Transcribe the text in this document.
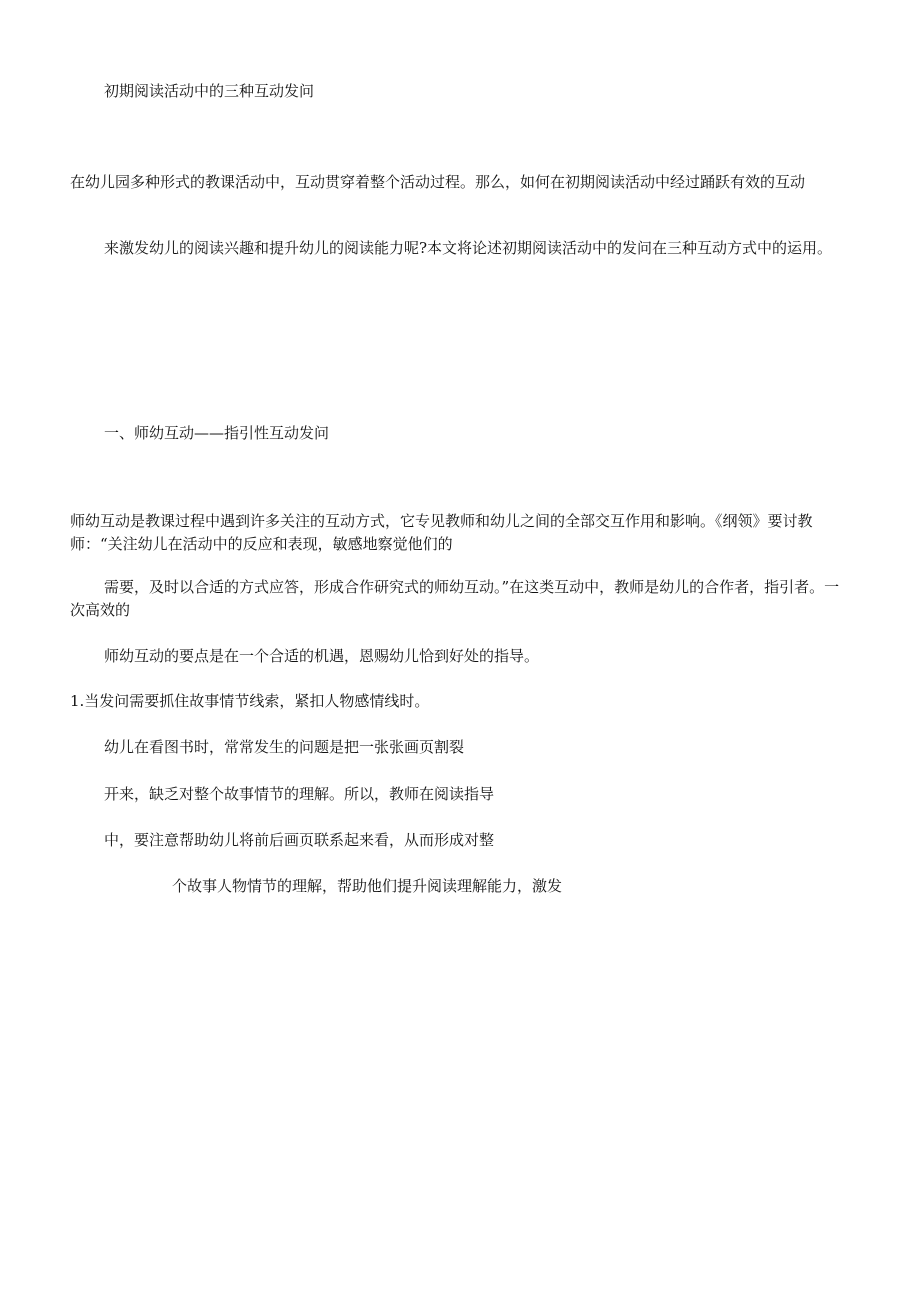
初期阅读活动中的三种互动发问

在幼儿园多种形式的教课活动中，互动贯穿着整个活动过程。那么，如何在初期阅读活动中经过踊跃有效的互动

来激发幼儿的阅读兴趣和提升幼儿的阅读能力呢?本文将论述初期阅读活动中的发问在三种互动方式中的运用。

一、师幼互动——指引性互动发问

师幼互动是教课过程中遇到许多关注的互动方式，它专见教师和幼儿之间的全部交互作用和影响。《纲领》要讨教师：“关注幼儿在活动中的反应和表现，敏感地察觉他们的

需要，及时以合适的方式应答，形成合作研究式的师幼互动。”在这类互动中，教师是幼儿的合作者，指引者。一次高效的

师幼互动的要点是在一个合适的机遇，恩赐幼儿恰到好处的指导。

1.当发问需要抓住故事情节线索，紧扣人物感情线时。

幼儿在看图书时，常常发生的问题是把一张张画页割裂

开来，缺乏对整个故事情节的理解。所以，教师在阅读指导

中，要注意帮助幼儿将前后画页联系起来看，从而形成对整

个故事人物情节的理解，帮助他们提升阅读理解能力，激发
